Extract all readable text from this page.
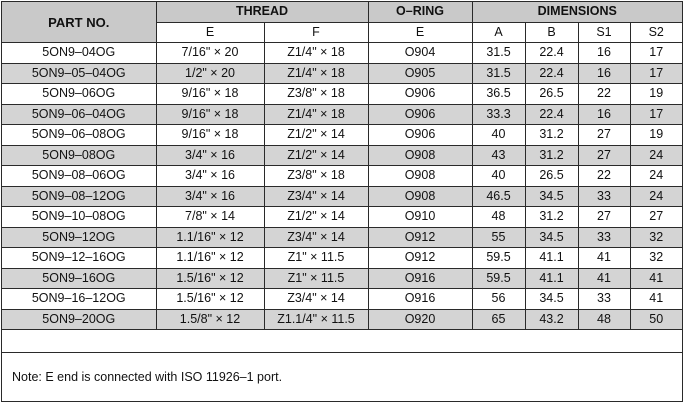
PART NO.	THREAD		O–RING	DIMENSIONS			
	E	F	E	A	B	S1	S2
5ON9–04OG	7/16" × 20	Z1/4" × 18	O904	31.5	22.4	16	17
5ON9–05–04OG	1/2" × 20	Z1/4" × 18	O905	31.5	22.4	16	17
5ON9–06OG	9/16" × 18	Z3/8" × 18	O906	36.5	26.5	22	19
5ON9–06–04OG	9/16" × 18	Z1/4" × 18	O906	33.3	22.4	16	17
5ON9–06–08OG	9/16" × 18	Z1/2" × 14	O906	40	31.2	27	19
5ON9–08OG	3/4" × 16	Z1/2" × 14	O908	43	31.2	27	24
5ON9–08–06OG	3/4" × 16	Z3/8" × 18	O908	40	26.5	22	24
5ON9–08–12OG	3/4" × 16	Z3/4" × 14	O908	46.5	34.5	33	24
5ON9–10–08OG	7/8" × 14	Z1/2" × 14	O910	48	31.2	27	27
5ON9–12OG	1.1/16" × 12	Z3/4" × 14	O912	55	34.5	33	32
5ON9–12–16OG	1.1/16" × 12	Z1" × 11.5	O912	59.5	41.1	41	32
5ON9–16OG	1.5/16" × 12	Z1" × 11.5	O916	59.5	41.1	41	41
5ON9–16–12OG	1.5/16" × 12	Z3/4" × 14	O916	56	34.5	33	41
5ON9–20OG	1.5/8" × 12	Z1.1/4" × 11.5	O920	65	43.2	48	50
Note: E end is connected with ISO 11926–1 port.
